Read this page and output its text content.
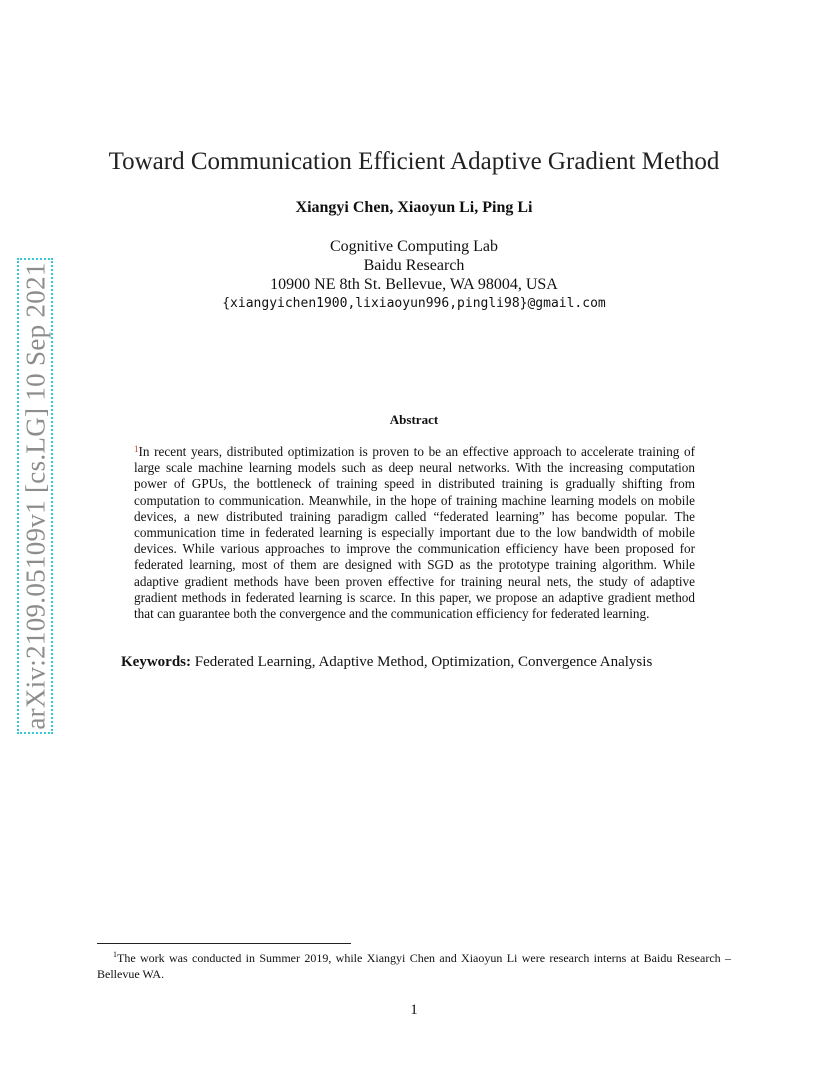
arXiv:2109.05109v1 [cs.LG] 10 Sep 2021
Toward Communication Efficient Adaptive Gradient Method
Xiangyi Chen, Xiaoyun Li, Ping Li
Cognitive Computing Lab
Baidu Research
10900 NE 8th St. Bellevue, WA 98004, USA
{xiangyichen1900,lixiaoyun996,pingli98}@gmail.com
Abstract
$^1$In recent years, distributed optimization is proven to be an effective approach to accelerate training of large scale machine learning models such as deep neural networks. With the increasing computation power of GPUs, the bottleneck of training speed in distributed training is gradually shifting from computation to communication. Meanwhile, in the hope of training machine learning models on mobile devices, a new distributed training paradigm called “federated learning” has become popular. The communication time in federated learning is especially important due to the low bandwidth of mobile devices. While various approaches to improve the communication efficiency have been proposed for federated learning, most of them are designed with SGD as the prototype training algorithm. While adaptive gradient methods have been proven effective for training neural nets, the study of adaptive gradient methods in federated learning is scarce. In this paper, we propose an adaptive gradient method that can guarantee both the convergence and the communication efficiency for federated learning.
Keywords: Federated Learning, Adaptive Method, Optimization, Convergence Analysis
$^1$The work was conducted in Summer 2019, while Xiangyi Chen and Xiaoyun Li were research interns at Baidu Research – Bellevue WA.
1
